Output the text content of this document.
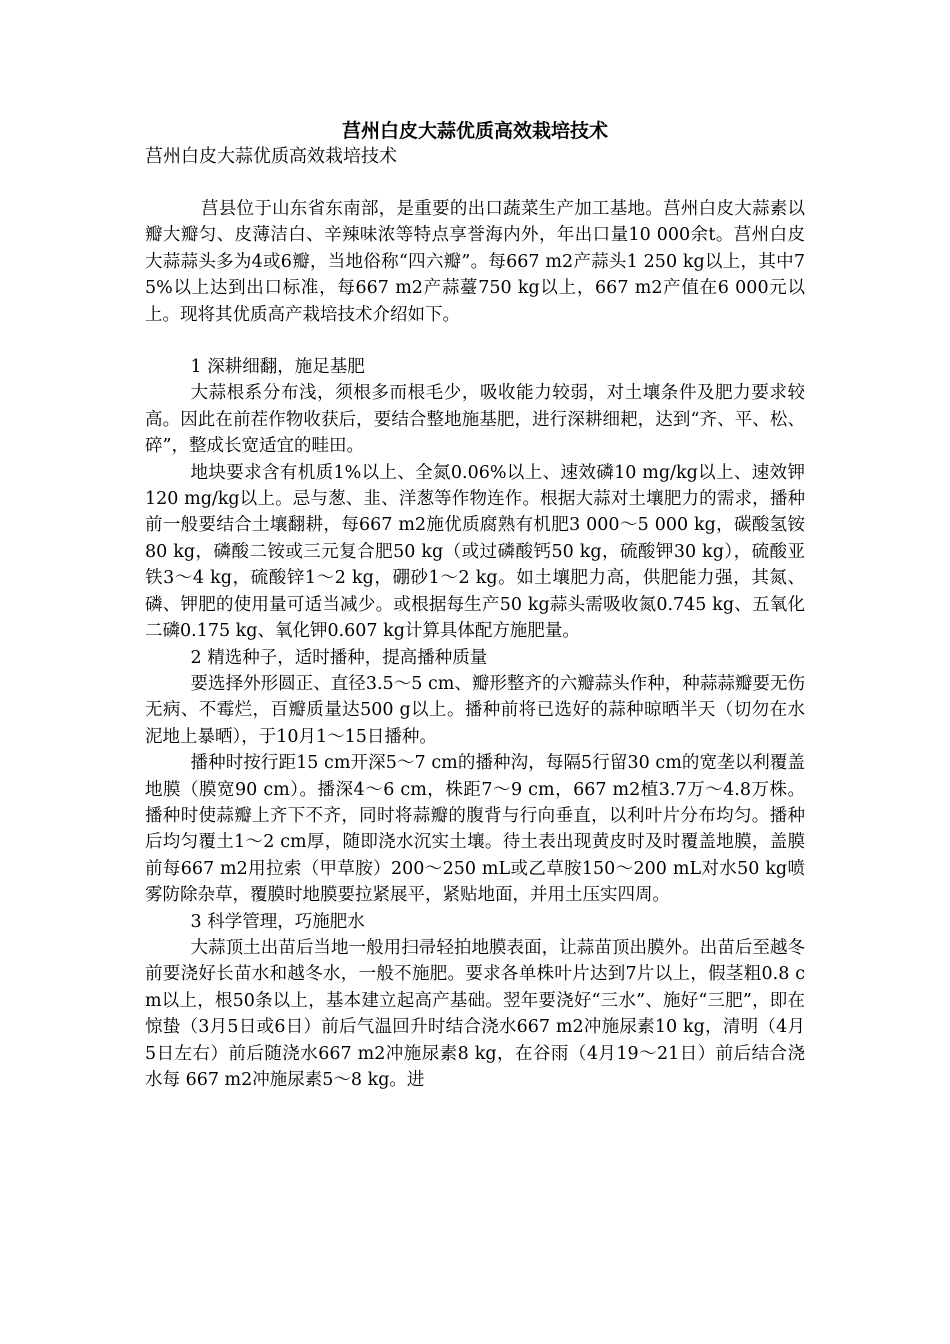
莒州白皮大蒜优质高效栽培技术
莒州白皮大蒜优质高效栽培技术

莒县位于山东省东南部，是重要的出口蔬菜生产加工基地。莒州白皮大蒜素以瓣大瓣匀、皮薄洁白、辛辣味浓等特点享誉海内外，年出口量10 000余t。莒州白皮大蒜蒜头多为4或6瓣，当地俗称“四六瓣”。每667 m2产蒜头1 250 kg以上，其中75%以上达到出口标准，每667 m2产蒜薹750 kg以上，667 m2产值在6 000元以上。现将其优质高产栽培技术介绍如下。

1 深耕细翻，施足基肥

大蒜根系分布浅，须根多而根毛少，吸收能力较弱，对土壤条件及肥力要求较高。因此在前茬作物收获后，要结合整地施基肥，进行深耕细耙，达到“齐、平、松、碎”，整成长宽适宜的畦田。

地块要求含有机质1%以上、全氮0.06%以上、速效磷10 mg/kg以上、速效钾120 mg/kg以上。忌与葱、韭、洋葱等作物连作。根据大蒜对土壤肥力的需求，播种前一般要结合土壤翻耕，每667 m2施优质腐熟有机肥3 000～5 000 kg，碳酸氢铵80 kg，磷酸二铵或三元复合肥50 kg（或过磷酸钙50 kg，硫酸钾30 kg），硫酸亚铁3～4 kg，硫酸锌1～2 kg，硼砂1～2 kg。如土壤肥力高，供肥能力强，其氮、磷、钾肥的使用量可适当减少。或根据每生产50 kg蒜头需吸收氮0.745 kg、五氧化二磷0.175 kg、氧化钾0.607 kg计算具体配方施肥量。

2 精选种子，适时播种，提高播种质量

要选择外形圆正、直径3.5～5 cm、瓣形整齐的六瓣蒜头作种，种蒜蒜瓣要无伤无病、不霉烂，百瓣质量达500 g以上。播种前将已选好的蒜种晾晒半天（切勿在水泥地上暴晒），于10月1～15日播种。

播种时按行距15 cm开深5～7 cm的播种沟，每隔5行留30 cm的宽垄以利覆盖地膜（膜宽90 cm）。播深4～6 cm，株距7～9 cm，667 m2植3.7万～4.8万株。播种时使蒜瓣上齐下不齐，同时将蒜瓣的腹背与行向垂直，以利叶片分布均匀。播种后均匀覆土1～2 cm厚，随即浇水沉实土壤。待土表出现黄皮时及时覆盖地膜，盖膜前每667 m2用拉索（甲草胺）200～250 mL或乙草胺150～200 mL对水50 kg喷雾防除杂草，覆膜时地膜要拉紧展平，紧贴地面，并用土压实四周。

3 科学管理，巧施肥水

大蒜顶土出苗后当地一般用扫帚轻拍地膜表面，让蒜苗顶出膜外。出苗后至越冬前要浇好长苗水和越冬水，一般不施肥。要求各单株叶片达到7片以上，假茎粗0.8 cm以上，根50条以上，基本建立起高产基础。翌年要浇好“三水”、施好“三肥”，即在惊蛰（3月5日或6日）前后气温回升时结合浇水667 m2冲施尿素10 kg，清明（4月5日左右）前后随浇水667 m2冲施尿素8 kg，在谷雨（4月19～21日）前后结合浇水每 667 m2冲施尿素5～8 kg。进
